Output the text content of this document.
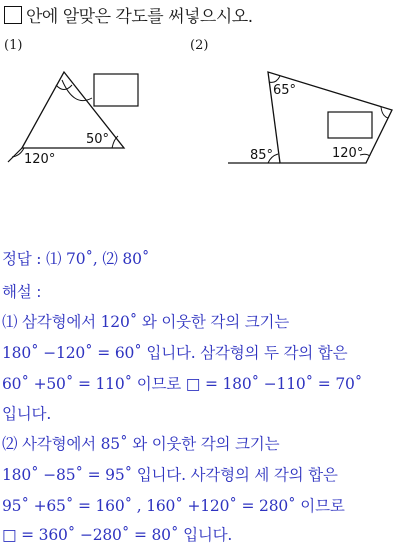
안에 알맞은 각도를 써넣으시오.
(1)	(2)
50°
120°
65°
85°	120°
정답 : ⑴ 70˚, ⑵ 80˚
해설 :
⑴ 삼각형에서 120˚ 와 이웃한 각의 크기는
180˚ −120˚ = 60˚ 입니다. 삼각형의 두 각의 합은
60˚ +50˚ = 110˚ 이므로 □ = 180˚ −110˚ = 70˚
입니다.
⑵ 사각형에서 85˚ 와 이웃한 각의 크기는
180˚ −85˚ = 95˚ 입니다. 사각형의 세 각의 합은
95˚ +65˚ = 160˚ , 160˚ +120˚ = 280˚ 이므로
□ = 360˚ −280˚ = 80˚ 입니다.
